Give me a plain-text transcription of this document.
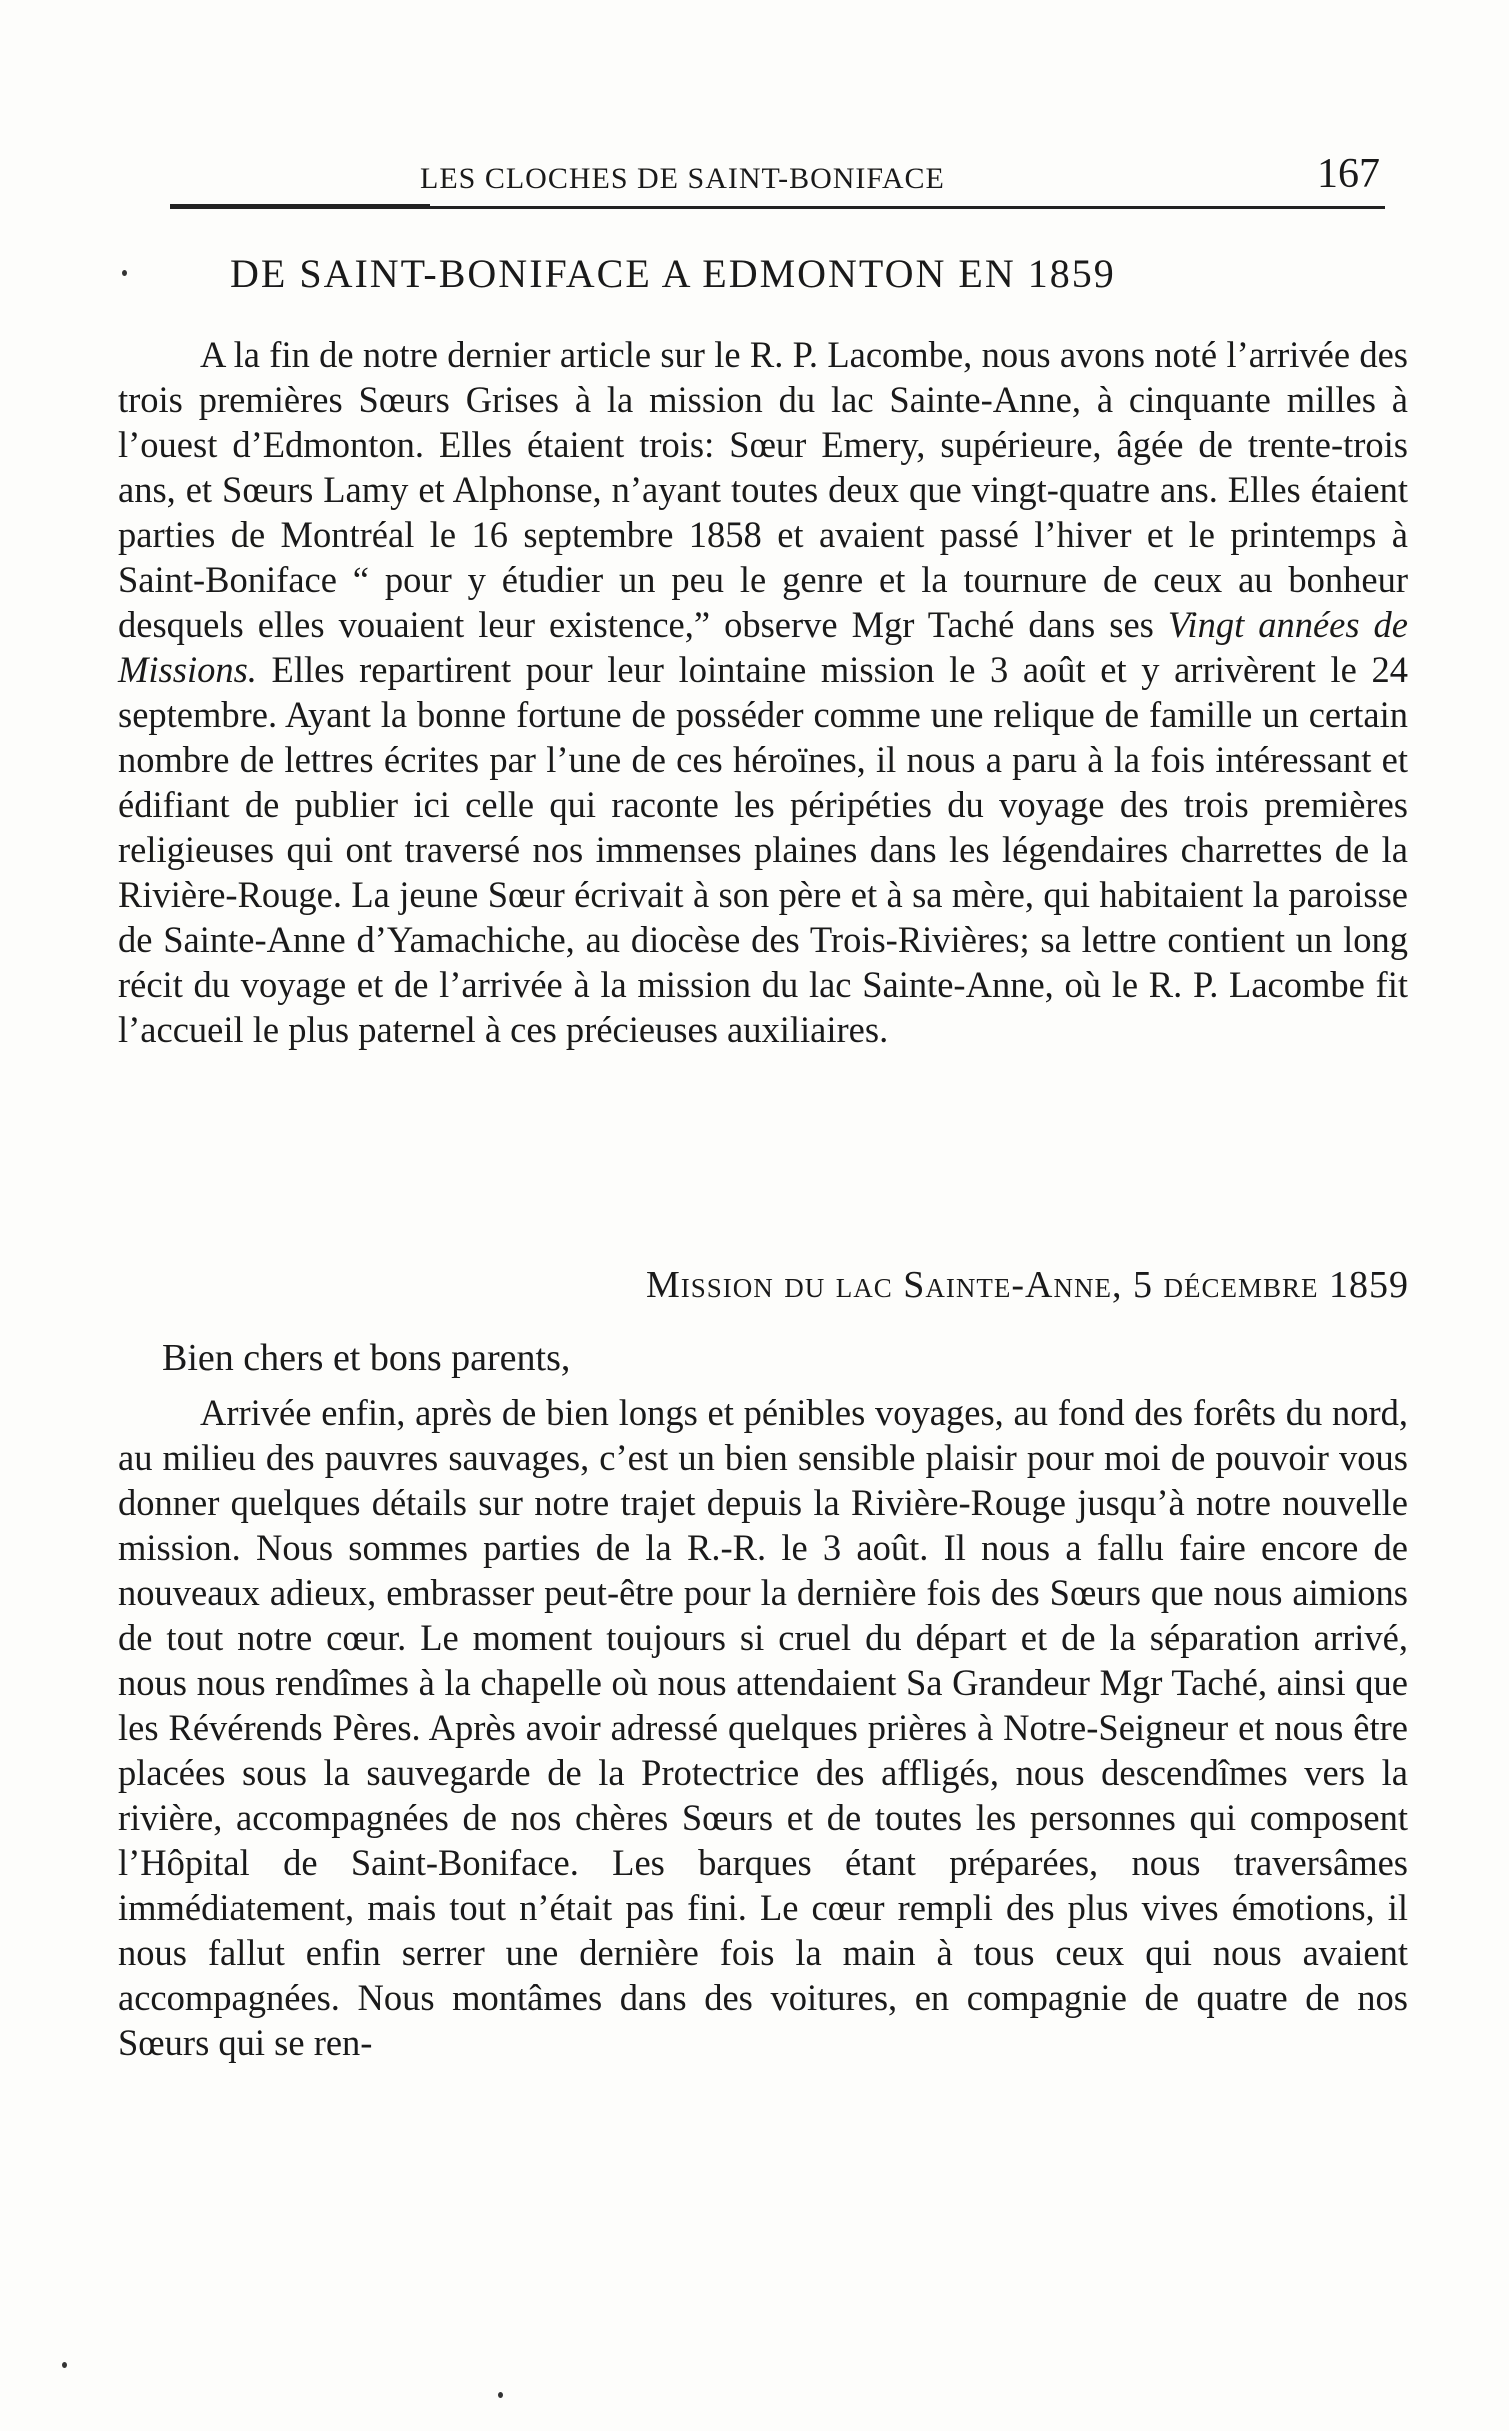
LES CLOCHES DE SAINT-BONIFACE	167
DE SAINT-BONIFACE A EDMONTON EN 1859

A la fin de notre dernier article sur le R. P. Lacombe, nous avons noté l’arrivée des trois premières Sœurs Grises à la mission du lac Sainte-Anne, à cinquante milles à l’ouest d’Edmonton. Elles étaient trois: Sœur Emery, supérieure, âgée de trente-trois ans, et Sœurs Lamy et Alphonse, n’ayant toutes deux que vingt-quatre ans. Elles étaient parties de Montréal le 16 septembre 1858 et avaient passé l’hiver et le printemps à Saint-Boniface “ pour y étudier un peu le genre et la tournure de ceux au bonheur desquels elles vouaient leur existence,” observe Mgr Taché dans ses Vingt années de Missions. Elles repartirent pour leur lointaine mission le 3 août et y arrivèrent le 24 septembre. Ayant la bonne fortune de posséder comme une relique de famille un certain nombre de lettres écrites par l’une de ces héroïnes, il nous a paru à la fois intéressant et édifiant de publier ici celle qui raconte les péripéties du voyage des trois premières religieuses qui ont traversé nos immenses plaines dans les légendaires charrettes de la Rivière-Rouge. La jeune Sœur écrivait à son père et à sa mère, qui habitaient la paroisse de Sainte-Anne d’Yamachiche, au diocèse des Trois-Rivières; sa lettre contient un long récit du voyage et de l’arrivée à la mission du lac Sainte-Anne, où le R. P. Lacombe fit l’accueil le plus paternel à ces précieuses auxiliaires.

Mission du lac Sainte-Anne, 5 décembre 1859
Bien chers et bons parents,

Arrivée enfin, après de bien longs et pénibles voyages, au fond des forêts du nord, au milieu des pauvres sauvages, c’est un bien sensible plaisir pour moi de pouvoir vous donner quelques détails sur notre trajet depuis la Rivière-Rouge jusqu’à notre nouvelle mission. Nous sommes parties de la R.-R. le 3 août. Il nous a fallu faire encore de nouveaux adieux, embrasser peut-être pour la dernière fois des Sœurs que nous aimions de tout notre cœur. Le moment toujours si cruel du départ et de la séparation arrivé, nous nous rendîmes à la chapelle où nous attendaient Sa Grandeur Mgr Taché, ainsi que les Révérends Pères. Après avoir adressé quelques prières à Notre-Seigneur et nous être placées sous la sauvegarde de la Protectrice des affligés, nous descendîmes vers la rivière, accompagnées de nos chères Sœurs et de toutes les personnes qui composent l’Hôpital de Saint-Boniface. Les barques étant préparées, nous traversâmes immédiatement, mais tout n’était pas fini. Le cœur rempli des plus vives émotions, il nous fallut enfin serrer une dernière fois la main à tous ceux qui nous avaient accompagnées. Nous montâmes dans des voitures, en compagnie de quatre de nos Sœurs qui se ren-
